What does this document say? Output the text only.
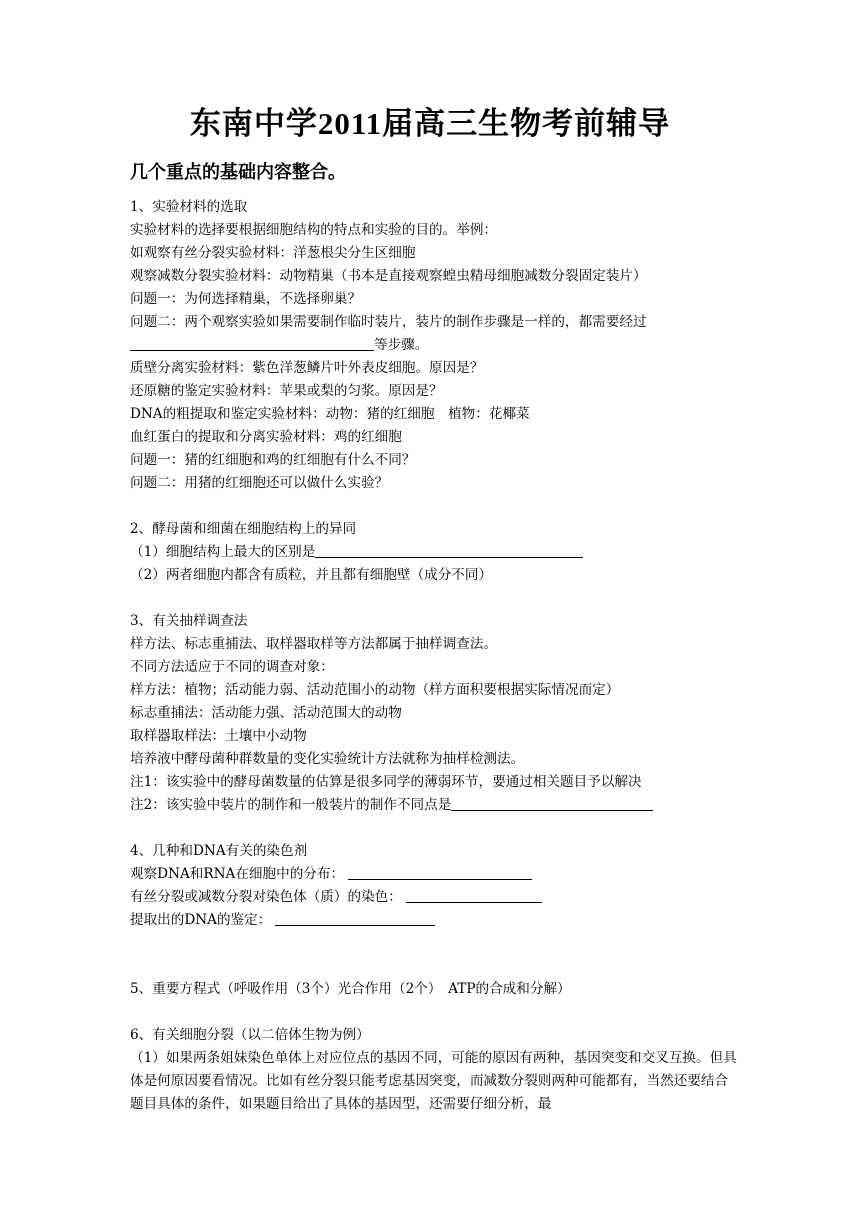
东南中学2011届高三生物考前辅导
几个重点的基础内容整合。
1、实验材料的选取
实验材料的选择要根据细胞结构的特点和实验的目的。举例：
如观察有丝分裂实验材料：洋葱根尖分生区细胞
观察减数分裂实验材料：动物精巢（书本是直接观察蝗虫精母细胞减数分裂固定装片）
问题一：为何选择精巢，不选择卵巢？
问题二：两个观察实验如果需要制作临时装片，装片的制作步骤是一样的，都需要经过
等步骤。
质壁分离实验材料：紫色洋葱鳞片叶外表皮细胞。原因是？
还原糖的鉴定实验材料：苹果或梨的匀浆。原因是？
DNA的粗提取和鉴定实验材料：动物：猪的红细胞　植物：花椰菜
血红蛋白的提取和分离实验材料：鸡的红细胞
问题一：猪的红细胞和鸡的红细胞有什么不同？
问题二：用猪的红细胞还可以做什么实验？
2、酵母菌和细菌在细胞结构上的异同
（1）细胞结构上最大的区别是
（2）两者细胞内都含有质粒，并且都有细胞壁（成分不同）
3、有关抽样调查法
样方法、标志重捕法、取样器取样等方法都属于抽样调查法。
不同方法适应于不同的调查对象：
样方法：植物；活动能力弱、活动范围小的动物（样方面积要根据实际情况而定）
标志重捕法：活动能力强、活动范围大的动物
取样器取样法：土壤中小动物
培养液中酵母菌种群数量的变化实验统计方法就称为抽样检测法。
注1：该实验中的酵母菌数量的估算是很多同学的薄弱环节，要通过相关题目予以解决
注2：该实验中装片的制作和一般装片的制作不同点是
4、几种和DNA有关的染色剂
观察DNA和RNA在细胞中的分布：
有丝分裂或减数分裂对染色体（质）的染色：
提取出的DNA的鉴定：
5、重要方程式（呼吸作用（3个）光合作用（2个）　ATP的合成和分解）
6、有关细胞分裂（以二倍体生物为例）
（1）如果两条姐妹染色单体上对应位点的基因不同，可能的原因有两种，基因突变和交叉互换。但具体是何原因要看情况。比如有丝分裂只能考虑基因突变，而减数分裂则两种可能都有，当然还要结合题目具体的条件，如果题目给出了具体的基因型，还需要仔细分析，最
